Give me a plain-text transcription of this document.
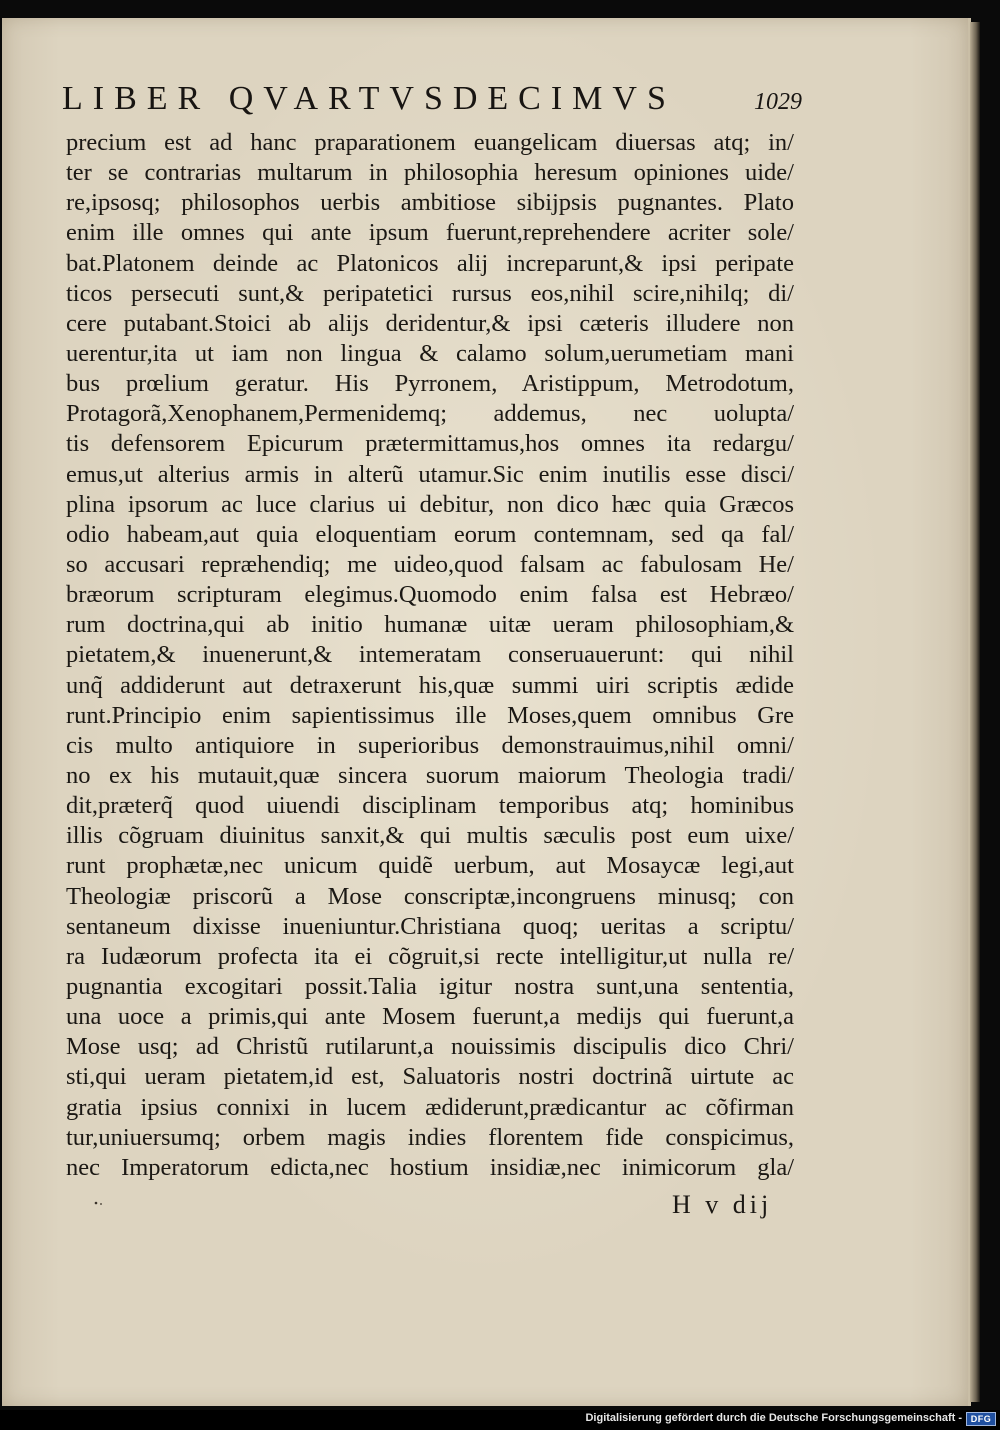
LIBER QVARTVSDECIMVS	1029
precium est ad hanc praparationem euangelicam diuersas atq; in/
ter se contrarias multarum in philosophia heresum opiniones uide/
re,ipsosq; philosophos uerbis ambitiose sibijpsis pugnantes. Plato
enim ille omnes qui ante ipsum fuerunt,reprehendere acriter sole/
bat.Platonem deinde ac Platonicos alij increparunt,& ipsi peripate
ticos persecuti sunt,& peripatetici rursus eos,nihil scire,nihilq; di/
cere putabant.Stoici ab alijs deridentur,& ipsi cæteris illudere non
uerentur,ita ut iam non lingua & calamo solum,uerumetiam mani
bus prœlium geratur. His Pyrronem, Aristippum, Metrodotum,
Protagorã,Xenophanem,Permenidemq; addemus, nec uolupta/
tis defensorem Epicurum prætermittamus,hos omnes ita redargu/
emus,ut alterius armis in alterũ utamur.Sic enim inutilis esse disci/
plina ipsorum ac luce clarius ui debitur, non dico hæc quia Græcos
odio habeam,aut quia eloquentiam eorum contemnam, sed qa fal/
so accusari repræhendiq; me uideo,quod falsam ac fabulosam He/
bræorum scripturam elegimus.Quomodo enim falsa est Hebræo/
rum doctrina,qui ab initio humanæ uitæ ueram philosophiam,&
pietatem,& inuenerunt,& intemeratam conseruauerunt: qui nihil
unq̃ addiderunt aut detraxerunt his,quæ summi uiri scriptis ædide
runt.Principio enim sapientissimus ille Moses,quem omnibus Gre
cis multo antiquiore in superioribus demonstrauimus,nihil omni/
no ex his mutauit,quæ sincera suorum maiorum Theologia tradi/
dit,præterq̃ quod uiuendi disciplinam temporibus atq; hominibus
illis cõgruam diuinitus sanxit,& qui multis sæculis post eum uixe/
runt prophætæ,nec unicum quidẽ uerbum, aut Mosaycæ legi,aut
Theologiæ priscorũ a Mose conscriptæ,incongruens minusq; con
sentaneum dixisse inueniuntur.Christiana quoq; ueritas a scriptu/
ra Iudæorum profecta ita ei cõgruit,si recte intelligitur,ut nulla re/
pugnantia excogitari possit.Talia igitur nostra sunt,una sententia,
una uoce a primis,qui ante Mosem fuerunt,a medijs qui fuerunt,a
Mose usq; ad Christũ rutilarunt,a nouissimis discipulis dico Chri/
sti,qui ueram pietatem,id est, Saluatoris nostri doctrinã uirtute ac
gratia ipsius connixi in lucem ædiderunt,prædicantur ac cõfirman
tur,uniuersumq; orbem magis indies florentem fide conspicimus,
nec Imperatorum edicta,nec hostium insidiæ,nec inimicorum gla/
H v dij
Digitalisierung gefördert durch die Deutsche Forschungsgemeinschaft - DFG
